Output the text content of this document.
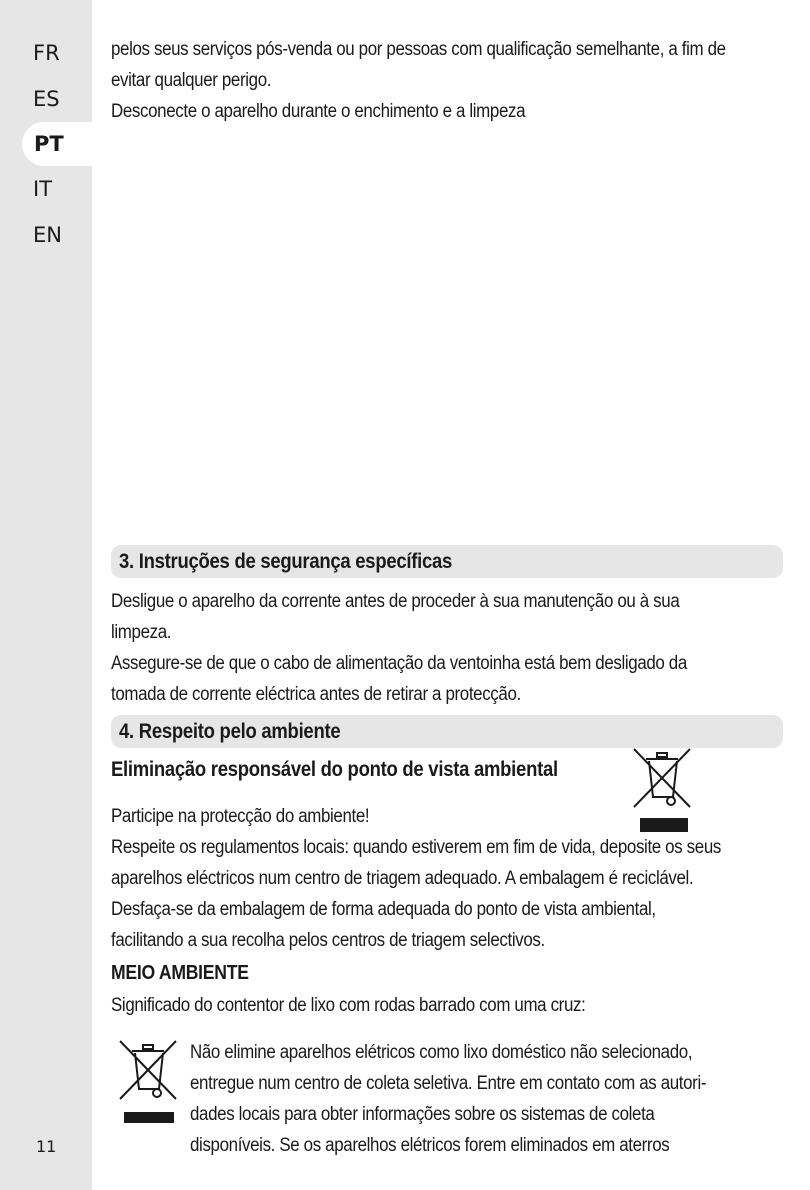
FR
ES
PT
IT
EN
11

pelos seus serviços pós-venda ou por pessoas com qualificação semelhante, a fim de

evitar qualquer perigo.

Desconecte o aparelho durante o enchimento e a limpeza

3. Instruções de segurança específicas

Desligue o aparelho da corrente antes de proceder à sua manutenção ou à sua

limpeza.

Assegure-se de que o cabo de alimentação da ventoinha está bem desligado da

tomada de corrente eléctrica antes de retirar a protecção.

4. Respeito pelo ambiente
Eliminação responsável do ponto de vista ambiental

Participe na protecção do ambiente!

Respeite os regulamentos locais: quando estiverem em fim de vida, deposite os seus

aparelhos eléctricos num centro de triagem adequado. A embalagem é reciclável.

Desfaça-se da embalagem de forma adequada do ponto de vista ambiental,

facilitando a sua recolha pelos centros de triagem selectivos.

MEIO AMBIENTE

Significado do contentor de lixo com rodas barrado com uma cruz:

Não elimine aparelhos elétricos como lixo doméstico não selecionado,

entregue num centro de coleta seletiva. Entre em contato com as autori-

dades locais para obter informações sobre os sistemas de coleta

disponíveis. Se os aparelhos elétricos forem eliminados em aterros
